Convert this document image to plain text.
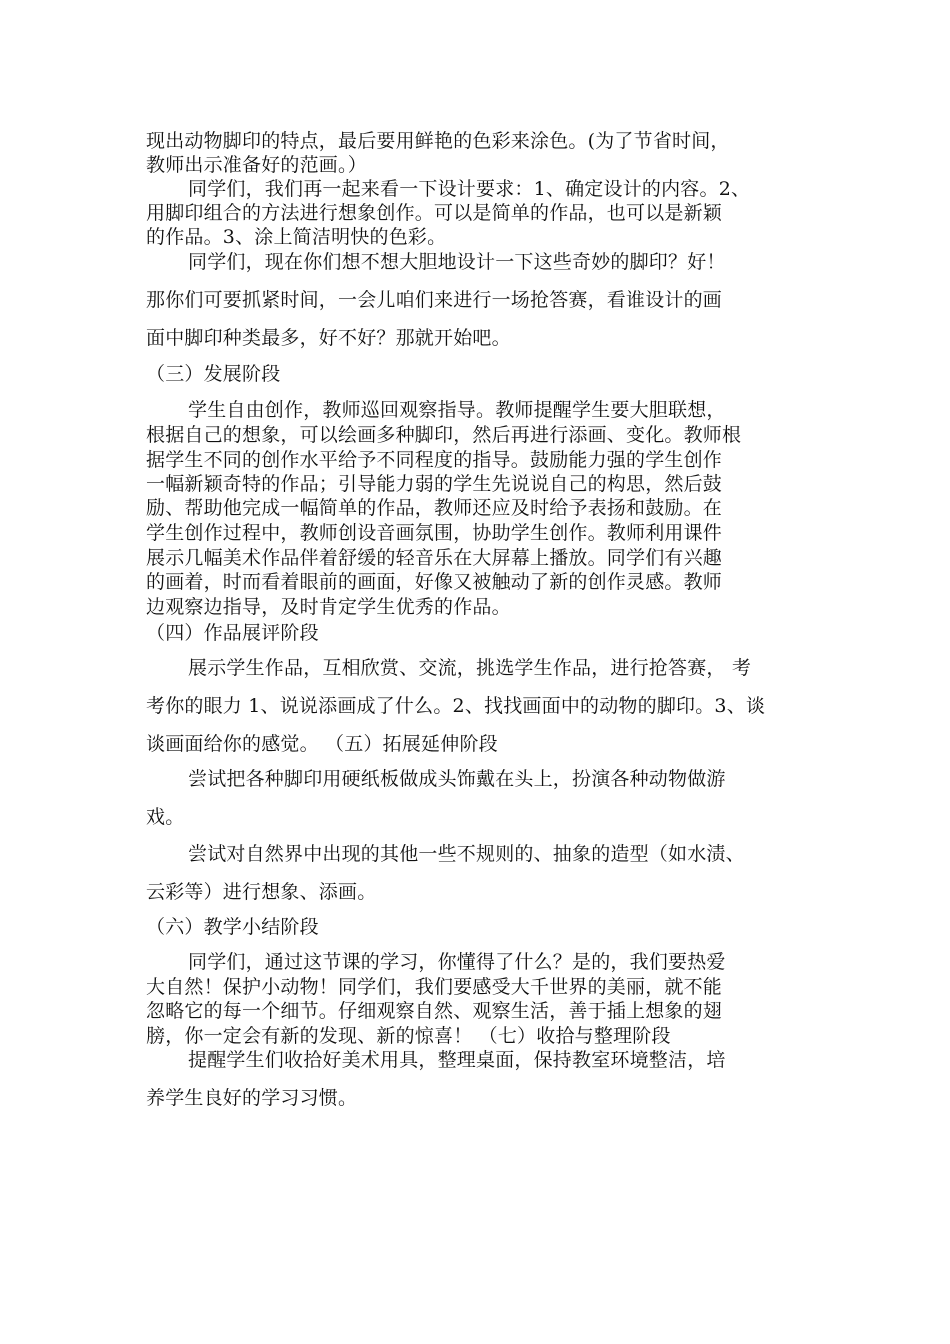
现出动物脚印的特点，最后要用鲜艳的色彩来涂色。(为了节省时间，
教师出示准备好的范画。）
同学们，我们再一起来看一下设计要求：1、确定设计的内容。2、
用脚印组合的方法进行想象创作。可以是简单的作品，也可以是新颖
的作品。3、涂上简洁明快的色彩。
同学们，现在你们想不想大胆地设计一下这些奇妙的脚印？好！
那你们可要抓紧时间，一会儿咱们来进行一场抢答赛，看谁设计的画
面中脚印种类最多，好不好？那就开始吧。
（三）发展阶段
学生自由创作，教师巡回观察指导。教师提醒学生要大胆联想，
根据自己的想象，可以绘画多种脚印，然后再进行添画、变化。教师根
据学生不同的创作水平给予不同程度的指导。鼓励能力强的学生创作
一幅新颖奇特的作品；引导能力弱的学生先说说自己的构思，然后鼓
励、帮助他完成一幅简单的作品，教师还应及时给予表扬和鼓励。在
学生创作过程中，教师创设音画氛围，协助学生创作。教师利用课件
展示几幅美术作品伴着舒缓的轻音乐在大屏幕上播放。同学们有兴趣
的画着，时而看着眼前的画面，好像又被触动了新的创作灵感。教师
边观察边指导，及时肯定学生优秀的作品。
（四）作品展评阶段
展示学生作品，互相欣赏、交流，挑选学生作品，进行抢答赛， 考
考你的眼力 1、说说添画成了什么。2、找找画面中的动物的脚印。3、谈
谈画面给你的感觉。 （五）拓展延伸阶段
尝试把各种脚印用硬纸板做成头饰戴在头上，扮演各种动物做游
戏。
尝试对自然界中出现的其他一些不规则的、抽象的造型（如水渍、
云彩等）进行想象、添画。
（六）教学小结阶段
同学们，通过这节课的学习，你懂得了什么？是的，我们要热爱
大自然！保护小动物！同学们，我们要感受大千世界的美丽，就不能
忽略它的每一个细节。仔细观察自然、观察生活，善于插上想象的翅
膀，你一定会有新的发现、新的惊喜！ （七）收拾与整理阶段
提醒学生们收拾好美术用具，整理桌面，保持教室环境整洁，培
养学生良好的学习习惯。
